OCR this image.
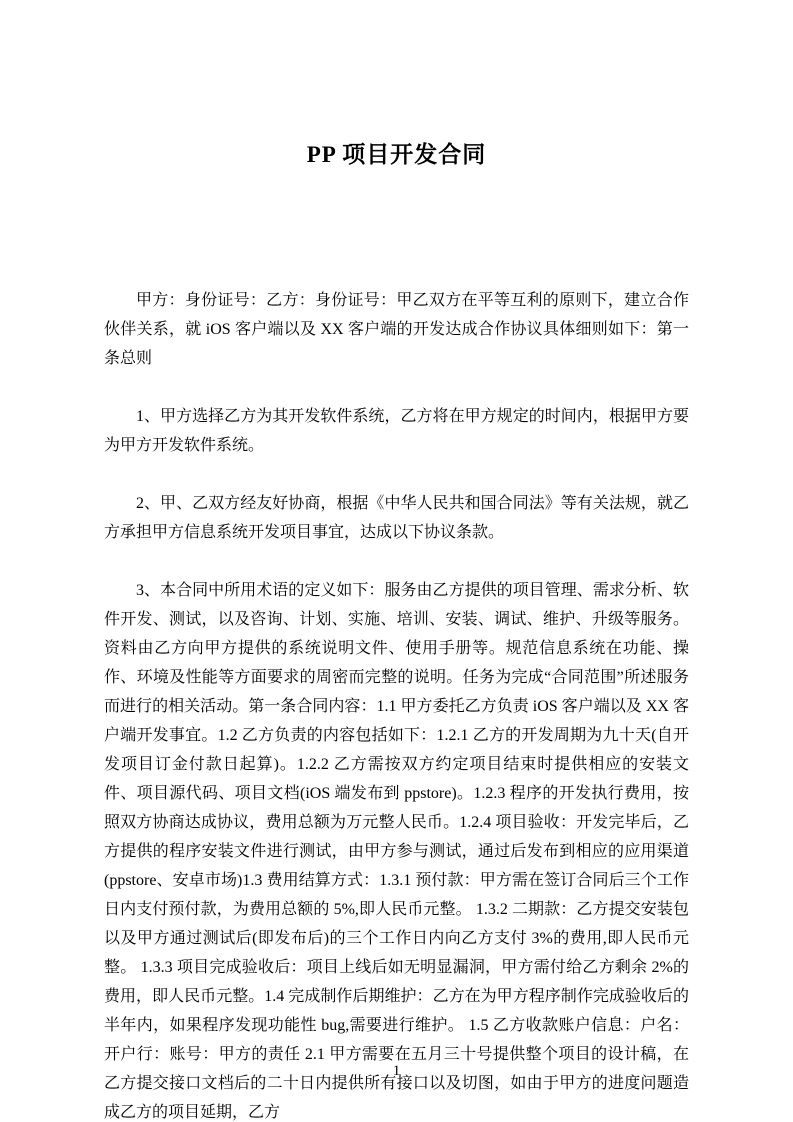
PP 项目开发合同

甲方：身份证号：乙方：身份证号：甲乙双方在平等互利的原则下，建立合作伙伴关系，就 iOS 客户端以及 XX 客户端的开发达成合作协议具体细则如下：第一条总则

1、甲方选择乙方为其开发软件系统，乙方将在甲方规定的时间内，根据甲方要为甲方开发软件系统。

2、甲、乙双方经友好协商，根据《中华人民共和国合同法》等有关法规，就乙方承担甲方信息系统开发项目事宜，达成以下协议条款。

3、本合同中所用术语的定义如下：服务由乙方提供的项目管理、需求分析、软件开发、测试，以及咨询、计划、实施、培训、安装、调试、维护、升级等服务。资料由乙方向甲方提供的系统说明文件、使用手册等。规范信息系统在功能、操作、环境及性能等方面要求的周密而完整的说明。任务为完成“合同范围”所述服务而进行的相关活动。第一条合同内容：1.1 甲方委托乙方负责 iOS 客户端以及 XX 客户端开发事宜。1.2 乙方负责的内容包括如下：1.2.1 乙方的开发周期为九十天(自开发项目订金付款日起算)。1.2.2 乙方需按双方约定项目结束时提供相应的安装文件、项目源代码、项目文档(iOS 端发布到 ppstore)。1.2.3 程序的开发执行费用，按照双方协商达成协议，费用总额为万元整人民币。1.2.4 项目验收：开发完毕后，乙方提供的程序安装文件进行测试，由甲方参与测试，通过后发布到相应的应用渠道(ppstore、安卓市场)1.3 费用结算方式：1.3.1 预付款：甲方需在签订合同后三个工作日内支付预付款，为费用总额的 5%,即人民币元整。 1.3.2 二期款：乙方提交安装包以及甲方通过测试后(即发布后)的三个工作日内向乙方支付 3%的费用,即人民币元整。 1.3.3 项目完成验收后：项目上线后如无明显漏洞，甲方需付给乙方剩余 2%的费用，即人民币元整。1.4 完成制作后期维护：乙方在为甲方程序制作完成验收后的半年内，如果程序发现功能性 bug,需要进行维护。 1.5 乙方收款账户信息：户名：开户行：账号：甲方的责任 2.1 甲方需要在五月三十号提供整个项目的设计稿，在乙方提交接口文档后的二十日内提供所有接口以及切图，如由于甲方的进度问题造成乙方的项目延期，乙方

1
